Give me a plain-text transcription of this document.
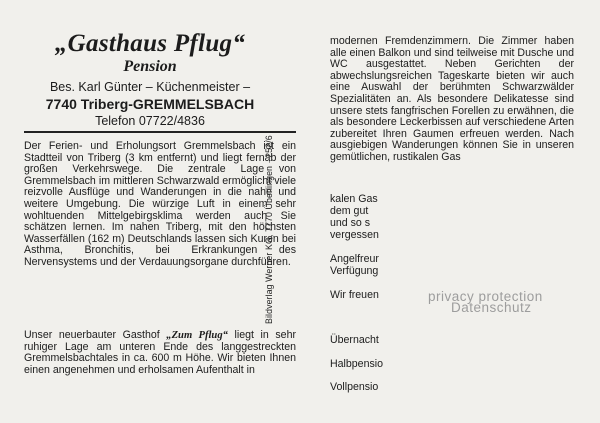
„Gasthaus Pflug“
Pension
Bes. Karl Günter – Küchenmeister –
7740 Triberg-GREMMELSBACH
Telefon 07722/4836

Der Ferien- und Erholungsort Gremmelsbach ist ein Stadtteil von Triberg (3 km entfernt) und liegt fernab der großen Verkehrswege. Die zentrale Lage von Gremmelsbach im mittleren Schwarzwald ermöglicht viele reizvolle Ausflüge und Wanderungen in die nahe und weitere Umgebung. Die würzige Luft in einem sehr wohltuenden Mittelgebirgsklima werden auch Sie schätzen lernen. Im nahen Triberg, mit den höchsten Wasserfällen (162 m) Deutschlands lassen sich Kuren bei Asthma, Bronchitis, bei Erkrankungen des Nervensystems und der Verdauungsorgane durchführen.

Unser neuerbauter Gasthof „Zum Pflug“ liegt in sehr ruhiger Lage am unteren Ende des langgestreckten Gremmelsbachtales in ca. 600 m Höhe. Wir bieten Ihnen einen angenehmen und erholsamen Aufenthalt in

Bildverlag Werner KG, 7770 Überlingen · 252/6

modernen Fremdenzimmern. Die Zimmer haben alle einen Balkon und sind teilweise mit Dusche und WC ausgestattet. Neben Gerichten der abwechslungsreichen Tageskarte bieten wir auch eine Auswahl der berühmten Schwarzwälder Spezialitäten an. Als besondere Delikatesse sind unsere stets fangfrischen Forellen zu erwähnen, die als besondere Leckerbissen auf verschiedene Arten zubereitet Ihren Gaumen erfreuen werden. Nach ausgiebigen Wanderungen können Sie in unseren gemütlichen, rustikalen Gas

kalen Gas
dem gut
und so s
vergessen
Angelfreur
Verfügung
Wir freuen
Übernacht
Halbpensio
Vollpensio
privacy protection
Datenschutz
